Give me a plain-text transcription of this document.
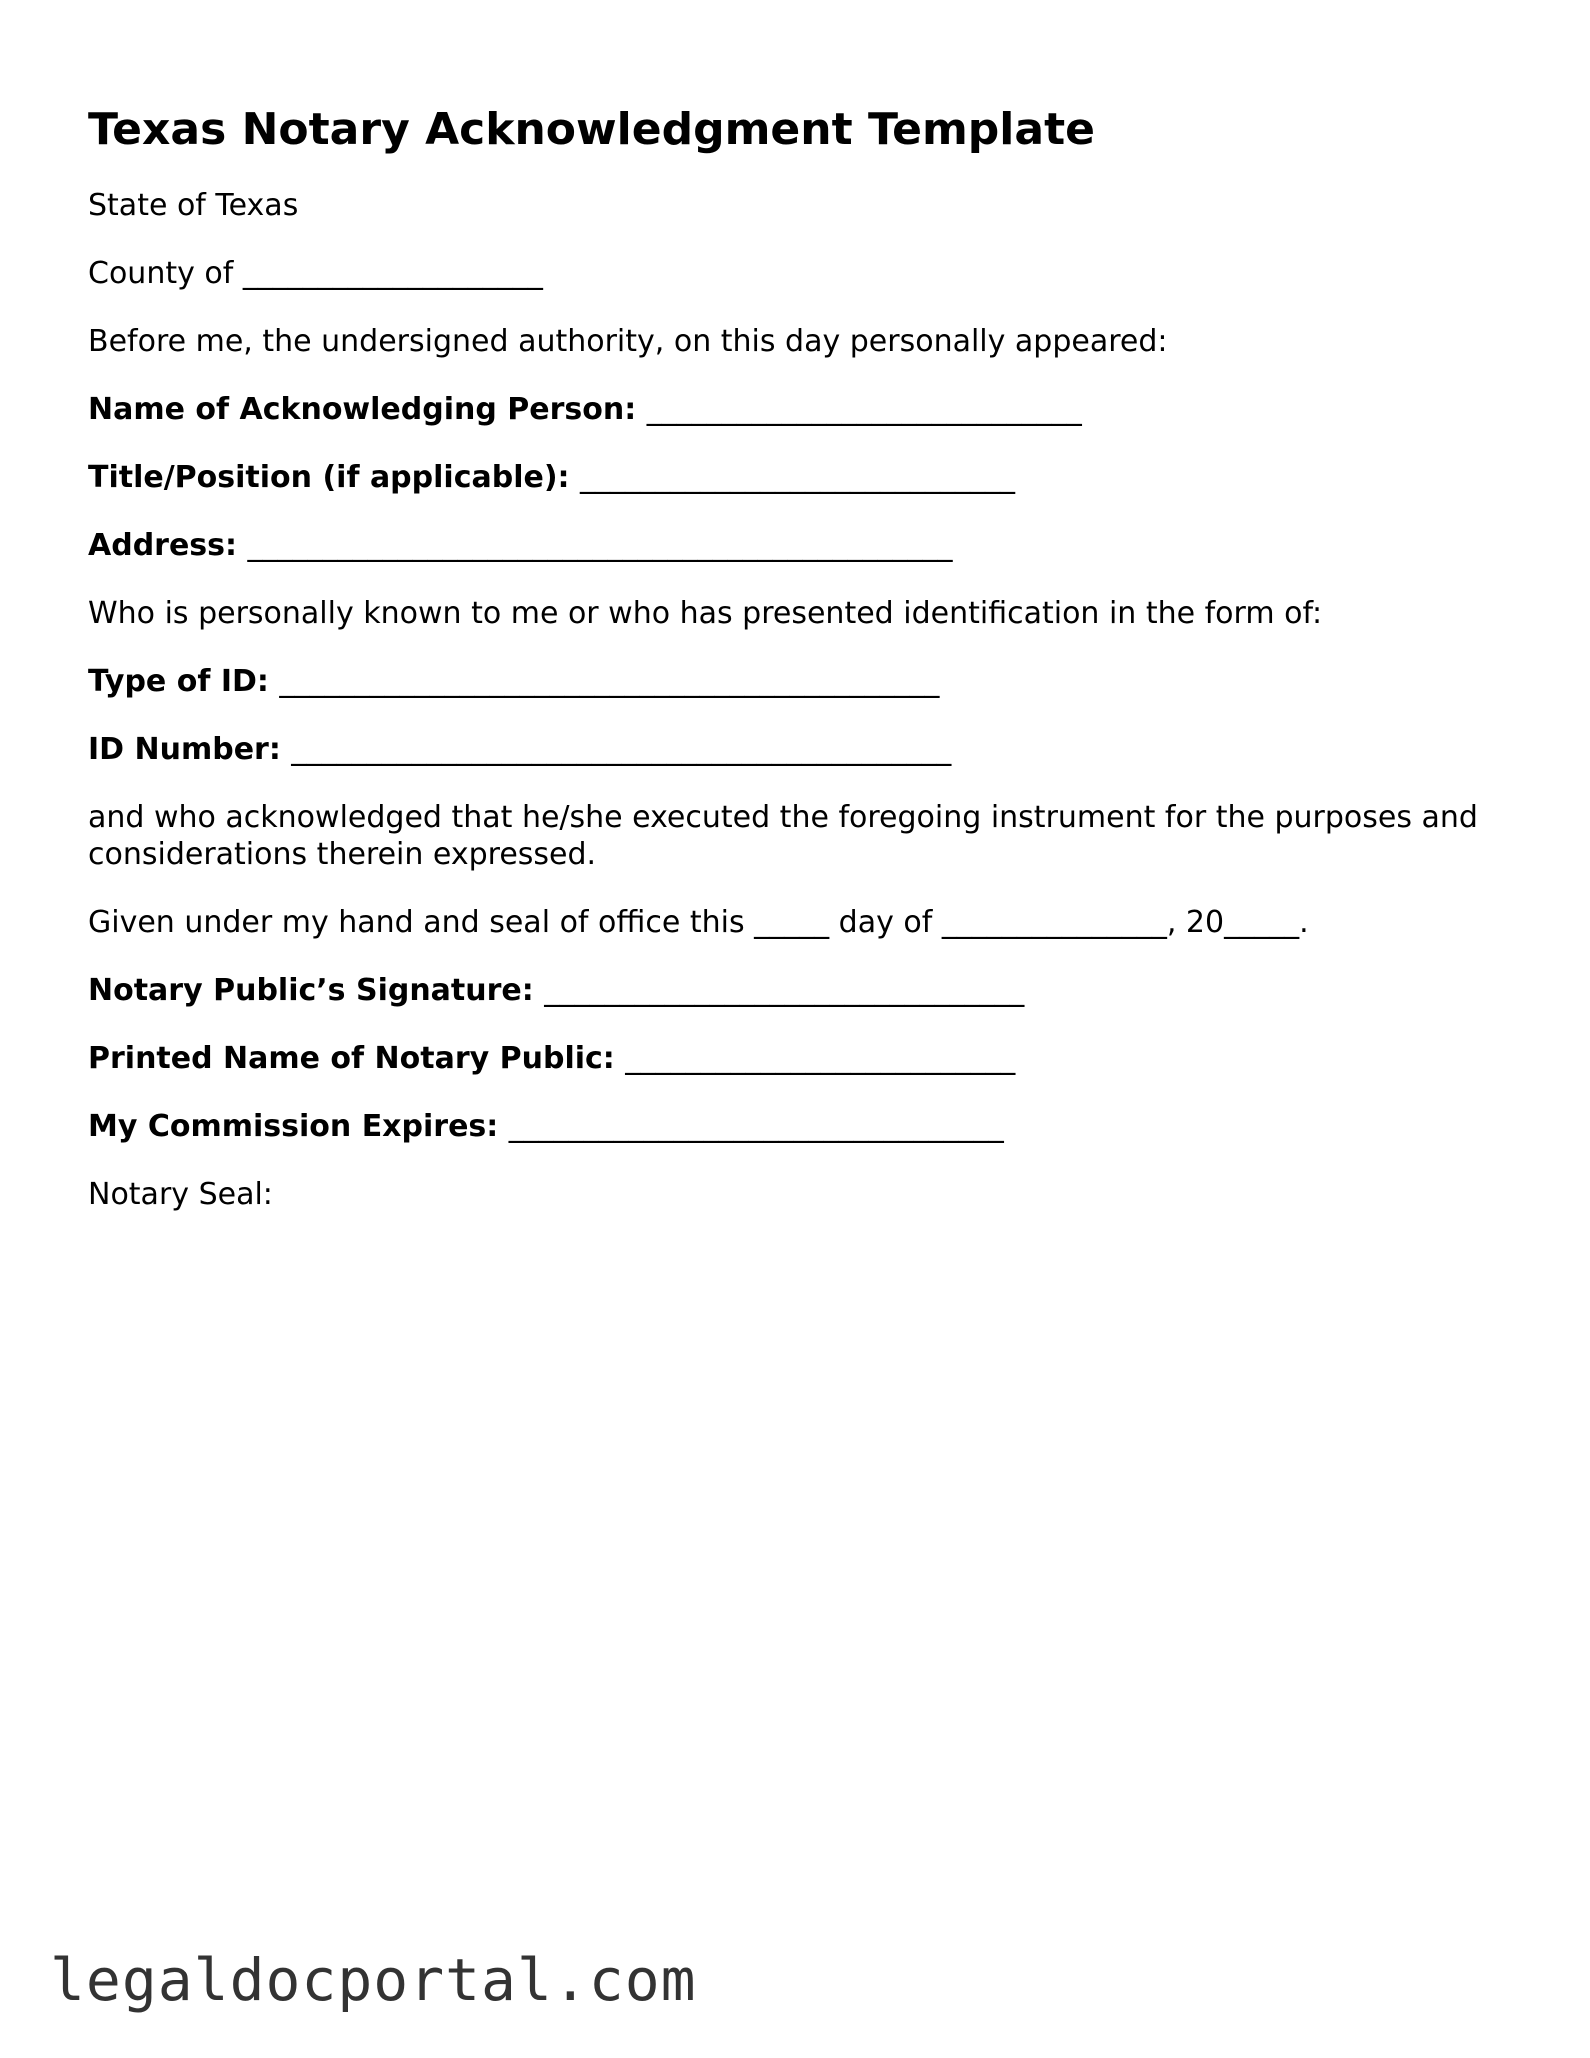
Texas Notary Acknowledgment Template
State of Texas
County of ____________________
Before me, the undersigned authority, on this day personally appeared:
Name of Acknowledging Person: _____________________________
Title/Position (if applicable): _____________________________
Address: _______________________________________________
Who is personally known to me or who has presented identification in the form of:
Type of ID: ____________________________________________
ID Number: ____________________________________________
and who acknowledged that he/she executed the foregoing instrument for the purposes and considerations therein expressed.
Given under my hand and seal of office this _____ day of _______________, 20_____.
Notary Public’s Signature: ________________________________
Printed Name of Notary Public: __________________________
My Commission Expires: _________________________________
Notary Seal:
legaldocportal.com
